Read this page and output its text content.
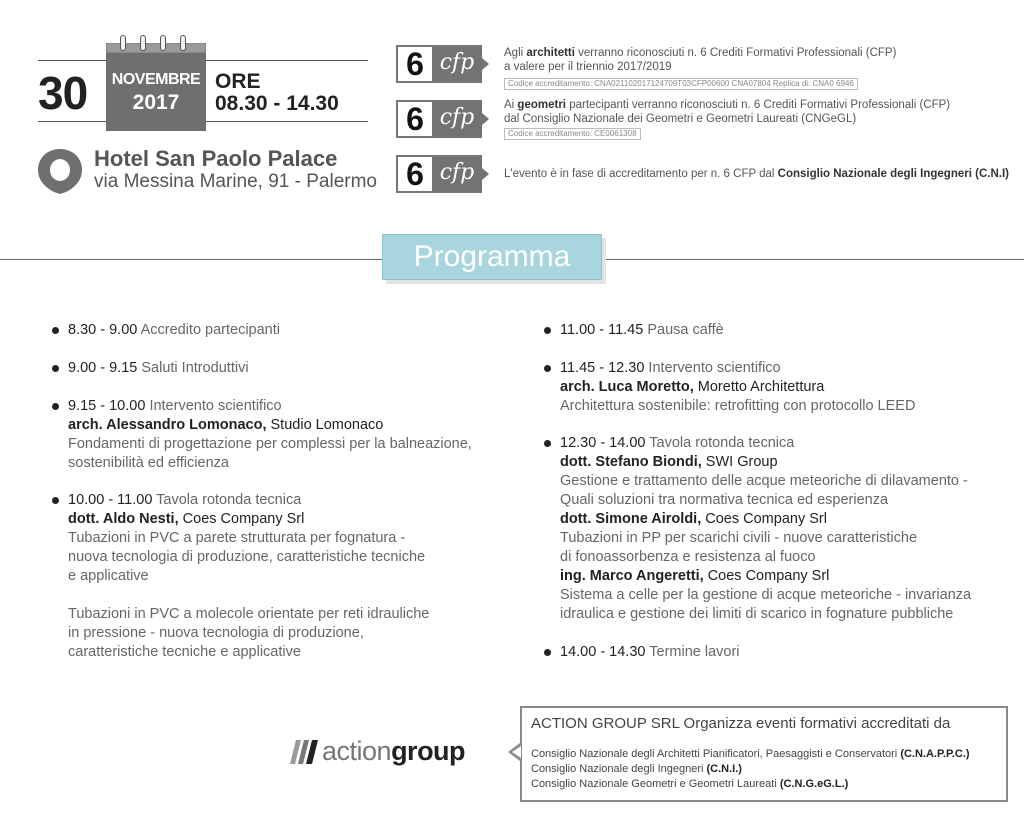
30	NOVEMBRE
2017
ORE
08.30 - 14.30
Hotel San Paolo Palace
via Messina Marine, 91 - Palermo
6 cfp	Agli architetti verranno riconosciuti n. 6 Crediti Formativi Professionali (CFP)
a valere per il triennio 2017/2019
Codice accreditamento: CNA021102017124709T03CFP00600 CNA07804 Replica di: CNA0 6946
6 cfp	Ai geometri partecipanti verranno riconosciuti n. 6 Crediti Formativi Professionali (CFP)
dal Consiglio Nazionale dei Geometri e Geometri Laureati (CNGeGL)
Codice accreditamento: CE0061308
6 cfp	L'evento è in fase di accreditamento per n. 6 CFP dal Consiglio Nazionale degli Ingegneri (C.N.I)
Programma
8.30 - 9.00 Accredito partecipanti
9.00 - 9.15 Saluti Introduttivi
9.15 - 10.00 Intervento scientifico
arch. Alessandro Lomonaco, Studio Lomonaco
Fondamenti di progettazione per complessi per la balneazione,
sostenibilità ed efficienza
10.00 - 11.00 Tavola rotonda tecnica
dott. Aldo Nesti, Coes Company Srl
Tubazioni in PVC a parete strutturata per fognatura -
nuova tecnologia di produzione, caratteristiche tecniche
e applicative
Tubazioni in PVC a molecole orientate per reti idrauliche
in pressione - nuova tecnologia di produzione,
caratteristiche tecniche e applicative
11.00 - 11.45 Pausa caffè
11.45 - 12.30 Intervento scientifico
arch. Luca Moretto, Moretto Architettura
Architettura sostenibile: retrofitting con protocollo LEED
12.30 - 14.00 Tavola rotonda tecnica
dott. Stefano Biondi, SWI Group
Gestione e trattamento delle acque meteoriche di dilavamento -
Quali soluzioni tra normativa tecnica ed esperienza
dott. Simone Airoldi, Coes Company Srl
Tubazioni in PP per scarichi civili - nuove caratteristiche
di fonoassorbenza e resistenza al fuoco
ing. Marco Angeretti, Coes Company Srl
Sistema a celle per la gestione di acque meteoriche - invarianza
idraulica e gestione dei limiti di scarico in fognature pubbliche
14.00 - 14.30 Termine lavori
actiongroup
ACTION GROUP SRL Organizza eventi formativi accreditati da
Consiglio Nazionale degli Architetti Pianificatori, Paesaggisti e Conservatori (C.N.A.P.P.C.)
Consiglio Nazionale degli Ingegneri (C.N.I.)
Consiglio Nazionale Geometri e Geometri Laureati (C.N.G.eG.L.)
